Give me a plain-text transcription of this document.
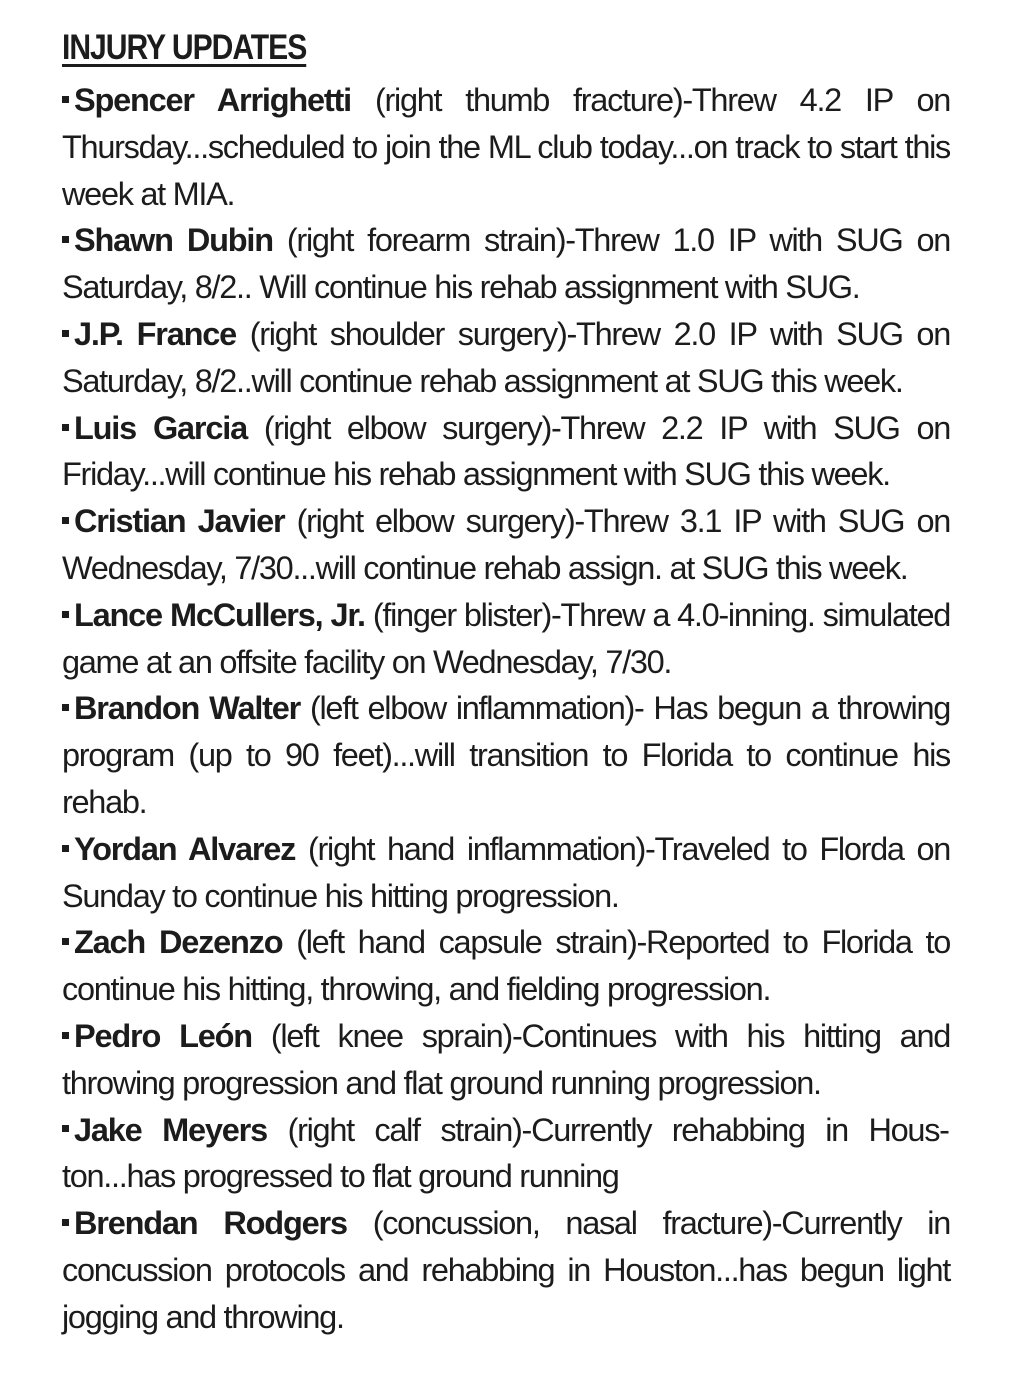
INJURY UPDATES
Spencer Arrighetti (right thumb fracture)-Threw 4.2 IP on Thursday...scheduled to join the ML club today...on track to start this week at MIA.
Shawn Dubin (right forearm strain)-Threw 1.0 IP with SUG on Saturday, 8/2.. Will continue his rehab assignment with SUG.
J.P. France (right shoulder surgery)-Threw 2.0 IP with SUG on Saturday, 8/2..will continue rehab assignment at SUG this week.
Luis Garcia (right elbow surgery)-Threw 2.2 IP with SUG on Friday...will continue his rehab assignment with SUG this week.
Cristian Javier (right elbow surgery)-Threw 3.1 IP with SUG on Wednesday, 7/30...will continue rehab assign. at SUG this week.
Lance McCullers, Jr. (finger blister)-Threw a 4.0-inning. simulated game at an offsite facility on Wednesday, 7/30.
Brandon Walter (left elbow inflammation)- Has begun a throwing program (up to 90 feet)...will transition to Florida to continue his rehab.
Yordan Alvarez (right hand inflammation)-Traveled to Florda on Sunday to continue his hitting progression.
Zach Dezenzo (left hand capsule strain)-Reported to Florida to continue his hitting, throwing, and fielding progression.
Pedro León (left knee sprain)-Continues with his hitting and throwing progression and flat ground running progression.
Jake Meyers (right calf strain)-Currently rehabbing in Houston...has progressed to flat ground running
Brendan Rodgers (concussion, nasal fracture)-Currently in concussion protocols and rehabbing in Houston...has begun light jogging and throwing.
